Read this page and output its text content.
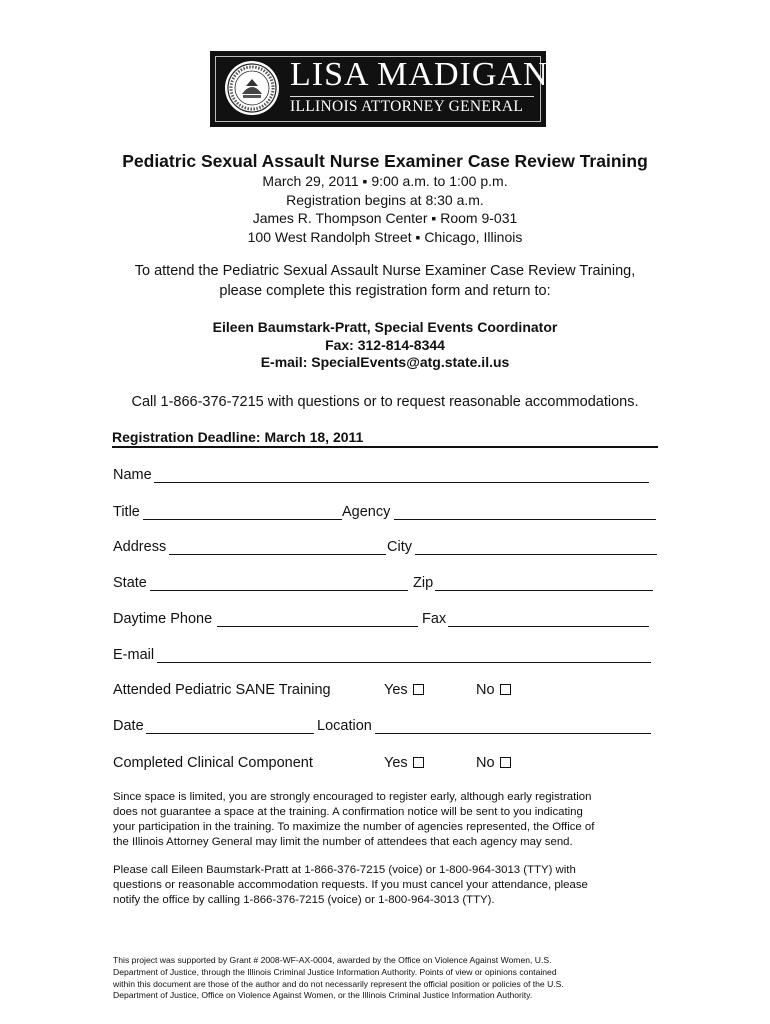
LISA MADIGAN
ILLINOIS ATTORNEY GENERAL
Pediatric Sexual Assault Nurse Examiner Case Review Training
March 29, 2011 ▪ 9:00 a.m. to 1:00 p.m.
Registration begins at 8:30 a.m.
James R. Thompson Center ▪ Room 9-031
100 West Randolph Street ▪ Chicago, Illinois
To attend the Pediatric Sexual Assault Nurse Examiner Case Review Training,
please complete this registration form and return to:
Eileen Baumstark-Pratt, Special Events Coordinator
Fax: 312-814-8344
E-mail: SpecialEvents@atg.state.il.us
Call 1-866-376-7215 with questions or to request reasonable accommodations.
Registration Deadline: March 18, 2011
Name
Title	Agency
Address	City
State	Zip
Daytime Phone	Fax
E-mail
Attended Pediatric SANE Training	Yes	No
Date	Location
Completed Clinical Component	Yes	No
Since space is limited, you are strongly encouraged to register early, although early registration
does not guarantee a space at the training. A confirmation notice will be sent to you indicating
your participation in the training. To maximize the number of agencies represented, the Office of
the Illinois Attorney General may limit the number of attendees that each agency may send.
Please call Eileen Baumstark-Pratt at 1-866-376-7215 (voice) or 1-800-964-3013 (TTY) with
questions or reasonable accommodation requests. If you must cancel your attendance, please
notify the office by calling 1-866-376-7215 (voice) or 1-800-964-3013 (TTY).
This project was supported by Grant # 2008-WF-AX-0004, awarded by the Office on Violence Against Women, U.S.
Department of Justice, through the Illinois Criminal Justice Information Authority. Points of view or opinions contained
within this document are those of the author and do not necessarily represent the official position or policies of the U.S.
Department of Justice, Office on Violence Against Women, or the Illinois Criminal Justice Information Authority.
